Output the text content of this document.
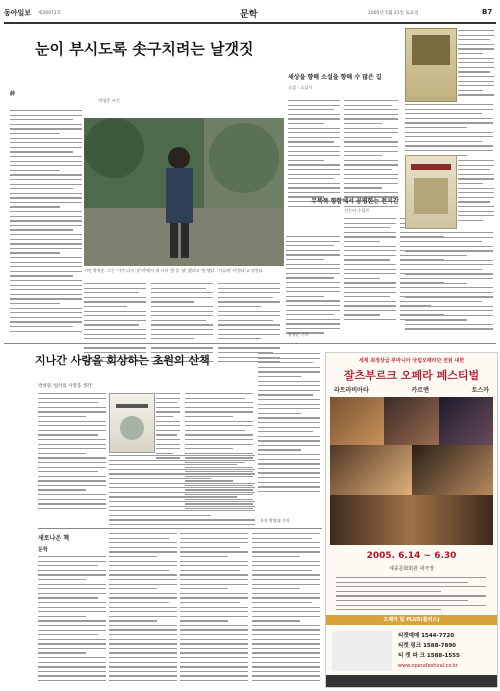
동아일보 제26071호	문학	2005년 5월 21일 토요일	B7
눈이 부시도록 솟구치려는 날갯짓
詩
박형준 시인
시인 박형준. 그는 '가가 다가 '분'며'에서 새 시의 '용'을 '향' 했다고 '단'했다. '거류에' 서'한다'고 말한다.
박형준 기자
세상을 향해 소설을 향해 수 많은 길
소설 · 소설가
무뚝뚝 향함에서 공평한는 천지간
신동아 수필론
지나간 사랑을 회상하는 초원의 산책
박성원 '일러의 사랑을 생각'
사진 박영대 기자
새로나온 책
문학
세계 최정상급 루마니아 국립오페라단 전원 내한
잘츠부르크 오페라 페스티벌
라트라비아타	카르멘	토스카
2005. 6.14 ~ 6.30
세종문화회관 대극장
오페라 및 PLUS(플러스)
티켓예매 1544-7720
티켓 링크 1588-7890
티 켓 파 크 1588-1555
www.operafestival.co.kr
